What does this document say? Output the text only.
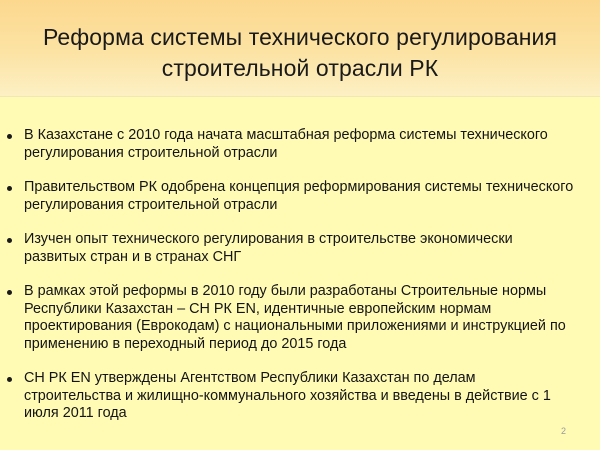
Реформа системы технического регулирования
строительной отрасли РК
В Казахстане с 2010 года начата масштабная реформа системы технического регулирования строительной отрасли
Правительством РК одобрена концепция реформирования системы технического регулирования строительной отрасли
Изучен опыт технического регулирования в строительстве экономически развитых стран и в странах СНГ
В рамках этой реформы в 2010 году были разработаны Строительные нормы Республики Казахстан – СН РК EN, идентичные европейским нормам проектирования (Еврокодам) с национальными приложениями и инструкцией по применению в переходный период до 2015 года
СН РК EN утверждены Агентством Республики Казахстан по делам строительства и жилищно-коммунального хозяйства и введены в действие с 1 июля 2011 года
2
